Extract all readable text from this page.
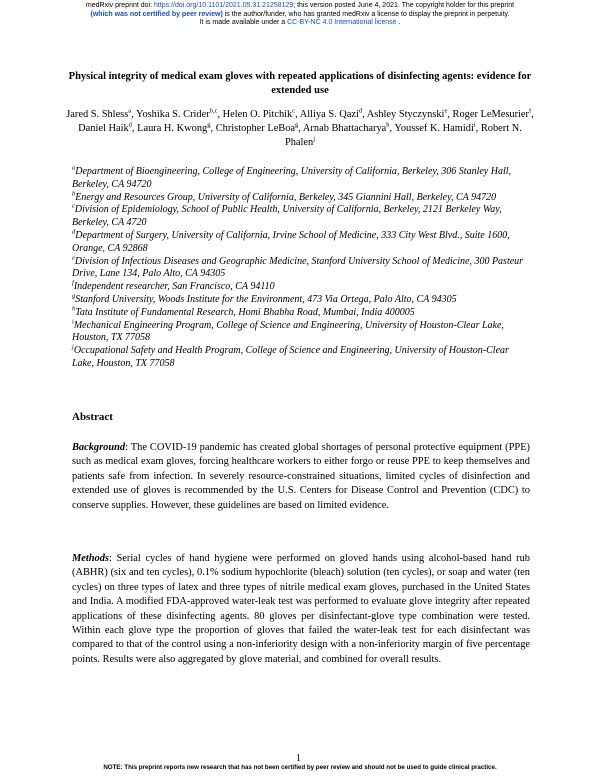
medRxiv preprint doi: https://doi.org/10.1101/2021.05.31.21258129; this version posted June 4, 2021. The copyright holder for this preprint
(which was not certified by peer review) is the author/funder, who has granted medRxiv a license to display the preprint in perpetuity.
It is made available under a CC-BY-NC 4.0 International license .
Physical integrity of medical exam gloves with repeated applications of disinfecting agents: evidence for extended use
Jared S. Shless$^a$, Yoshika S. Crider$^{b,c}$, Helen O. Pitchik$^c$, Alliya S. Qazi$^d$, Ashley Styczynski$^e$, Roger LeMesurier$^f$, Daniel Haik$^d$, Laura H. Kwong$^g$, Christopher LeBoa$^g$, Arnab Bhattacharya$^h$, Youssef K. Hamidi$^i$, Robert N. Phalen$^j$
$^a$Department of Bioengineering, College of Engineering, University of California, Berkeley, 306 Stanley Hall, Berkeley, CA 94720
$^b$Energy and Resources Group, University of California, Berkeley, 345 Giannini Hall, Berkeley, CA 94720
$^c$Division of Epidemiology, School of Public Health, University of California, Berkeley, 2121 Berkeley Way, Berkeley, CA 4720
$^d$Department of Surgery, University of California, Irvine School of Medicine, 333 City West Blvd., Suite 1600, Orange, CA 92868
$^e$Division of Infectious Diseases and Geographic Medicine, Stanford University School of Medicine, 300 Pasteur Drive, Lane 134, Palo Alto, CA 94305
$^f$Independent researcher, San Francisco, CA 94110
$^g$Stanford University, Woods Institute for the Environment, 473 Via Ortega, Palo Alto, CA 94305
$^h$Tata Institute of Fundamental Research, Homi Bhabha Road, Mumbai, India 400005
$^i$Mechanical Engineering Program, College of Science and Engineering, University of Houston-Clear Lake, Houston, TX 77058
$^j$Occupational Safety and Health Program, College of Science and Engineering, University of Houston-Clear Lake, Houston, TX 77058
Abstract
Background: The COVID-19 pandemic has created global shortages of personal protective equipment (PPE) such as medical exam gloves, forcing healthcare workers to either forgo or reuse PPE to keep themselves and patients safe from infection. In severely resource-constrained situations, limited cycles of disinfection and extended use of gloves is recommended by the U.S. Centers for Disease Control and Prevention (CDC) to conserve supplies. However, these guidelines are based on limited evidence.
Methods: Serial cycles of hand hygiene were performed on gloved hands using alcohol-based hand rub (ABHR) (six and ten cycles), 0.1% sodium hypochlorite (bleach) solution (ten cycles), or soap and water (ten cycles) on three types of latex and three types of nitrile medical exam gloves, purchased in the United States and India. A modified FDA-approved water-leak test was performed to evaluate glove integrity after repeated applications of these disinfecting agents. 80 gloves per disinfectant-glove type combination were tested. Within each glove type the proportion of gloves that failed the water-leak test for each disinfectant was compared to that of the control using a non-inferiority design with a non-inferiority margin of five percentage points. Results were also aggregated by glove material, and combined for overall results.
1
NOTE: This preprint reports new research that has not been certified by peer review and should not be used to guide clinical practice.
